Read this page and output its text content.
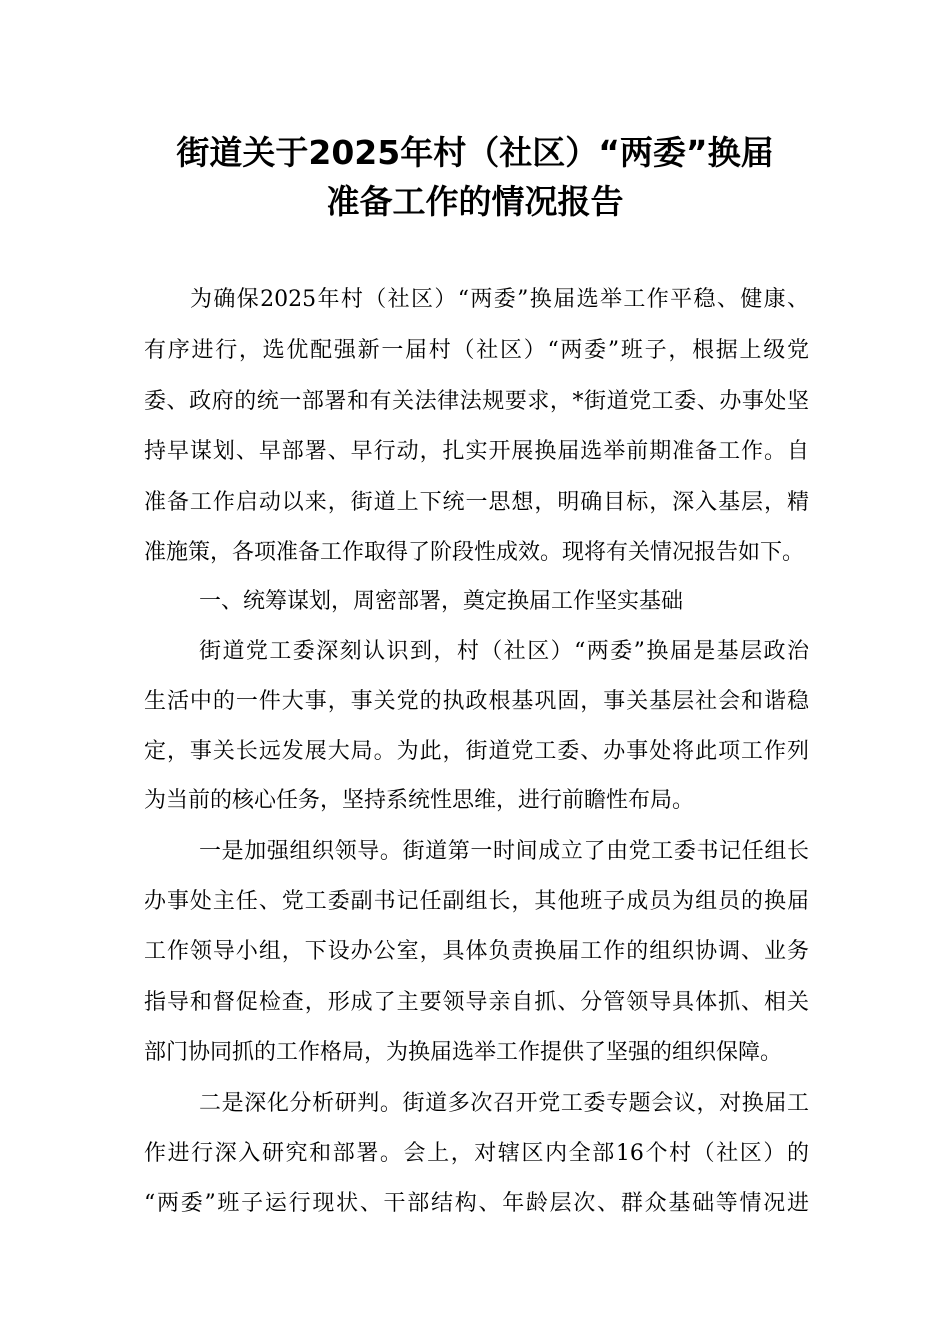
街道关于2025年村（社区）“两委”换届
准备工作的情况报告
为确保2025年村（社区）“两委”换届选举工作平稳、健康、
有序进行，选优配强新一届村（社区）“两委”班子，根据上级党
委、政府的统一部署和有关法律法规要求，*街道党工委、办事处坚
持早谋划、早部署、早行动，扎实开展换届选举前期准备工作。自
准备工作启动以来，街道上下统一思想，明确目标，深入基层，精
准施策，各项准备工作取得了阶段性成效。现将有关情况报告如下。
一、统筹谋划，周密部署，奠定换届工作坚实基础
街道党工委深刻认识到，村（社区）“两委”换届是基层政治
生活中的一件大事，事关党的执政根基巩固，事关基层社会和谐稳
定，事关长远发展大局。为此，街道党工委、办事处将此项工作列
为当前的核心任务，坚持系统性思维，进行前瞻性布局。
一是加强组织领导。街道第一时间成立了由党工委书记任组长
办事处主任、党工委副书记任副组长，其他班子成员为组员的换届
工作领导小组，下设办公室，具体负责换届工作的组织协调、业务
指导和督促检查，形成了主要领导亲自抓、分管领导具体抓、相关
部门协同抓的工作格局，为换届选举工作提供了坚强的组织保障。
二是深化分析研判。街道多次召开党工委专题会议，对换届工
作进行深入研究和部署。会上，对辖区内全部16个村（社区）的
“两委”班子运行现状、干部结构、年龄层次、群众基础等情况进
